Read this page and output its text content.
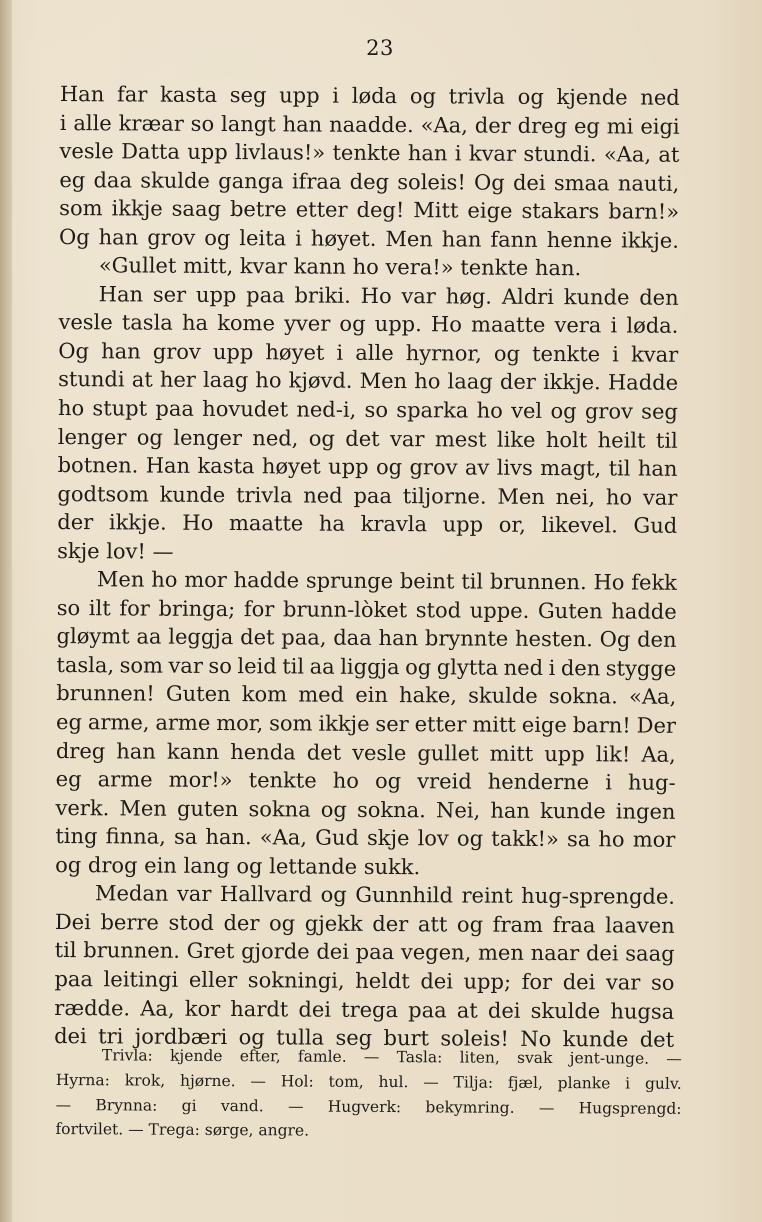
23
Han far kasta seg upp i løda og trivla og kjende ned
i alle kræar so langt han naadde. «Aa, der dreg eg mi eigi
vesle Datta upp livlaus!» tenkte han i kvar stundi. «Aa, at
eg daa skulde ganga ifraa deg soleis! Og dei smaa nauti,
som ikkje saag betre etter deg! Mitt eige stakars barn!»
Og han grov og leita i høyet. Men han fann henne ikkje.
«Gullet mitt, kvar kann ho vera!» tenkte han.
Han ser upp paa briki. Ho var høg. Aldri kunde den
vesle tasla ha kome yver og upp. Ho maatte vera i løda.
Og han grov upp høyet i alle hyrnor, og tenkte i kvar
stundi at her laag ho kjøvd. Men ho laag der ikkje. Hadde
ho stupt paa hovudet ned-i, so sparka ho vel og grov seg
lenger og lenger ned, og det var mest like holt heilt til
botnen. Han kasta høyet upp og grov av livs magt, til han
godtsom kunde trivla ned paa tiljorne. Men nei, ho var
der ikkje. Ho maatte ha kravla upp or, likevel. Gud
skje lov! —
Men ho mor hadde sprunge beint til brunnen. Ho fekk
so ilt for bringa; for brunn-lòket stod uppe. Guten hadde
gløymt aa leggja det paa, daa han brynnte hesten. Og den
tasla, som var so leid til aa liggja og glytta ned i den stygge
brunnen! Guten kom med ein hake, skulde sokna. «Aa,
eg arme, arme mor, som ikkje ser etter mitt eige barn! Der
dreg han kann henda det vesle gullet mitt upp lik! Aa,
eg arme mor!» tenkte ho og vreid henderne i hug-
verk. Men guten sokna og sokna. Nei, han kunde ingen
ting finna, sa han. «Aa, Gud skje lov og takk!» sa ho mor
og drog ein lang og lettande sukk.
Medan var Hallvard og Gunnhild reint hug-sprengde.
Dei berre stod der og gjekk der att og fram fraa laaven
til brunnen. Gret gjorde dei paa vegen, men naar dei saag
paa leitingi eller sokningi, heldt dei upp; for dei var so
rædde. Aa, kor hardt dei trega paa at dei skulde hugsa
dei tri jordbæri og tulla seg burt soleis! No kunde det
Trivla: kjende efter, famle. — Tasla: liten, svak jent-unge. —
Hyrna: krok, hjørne. — Hol: tom, hul. — Tilja: fjæl, planke i gulv.
— Brynna: gi vand. — Hugverk: bekymring. — Hugsprengd:
fortvilet. — Trega: sørge, angre.
